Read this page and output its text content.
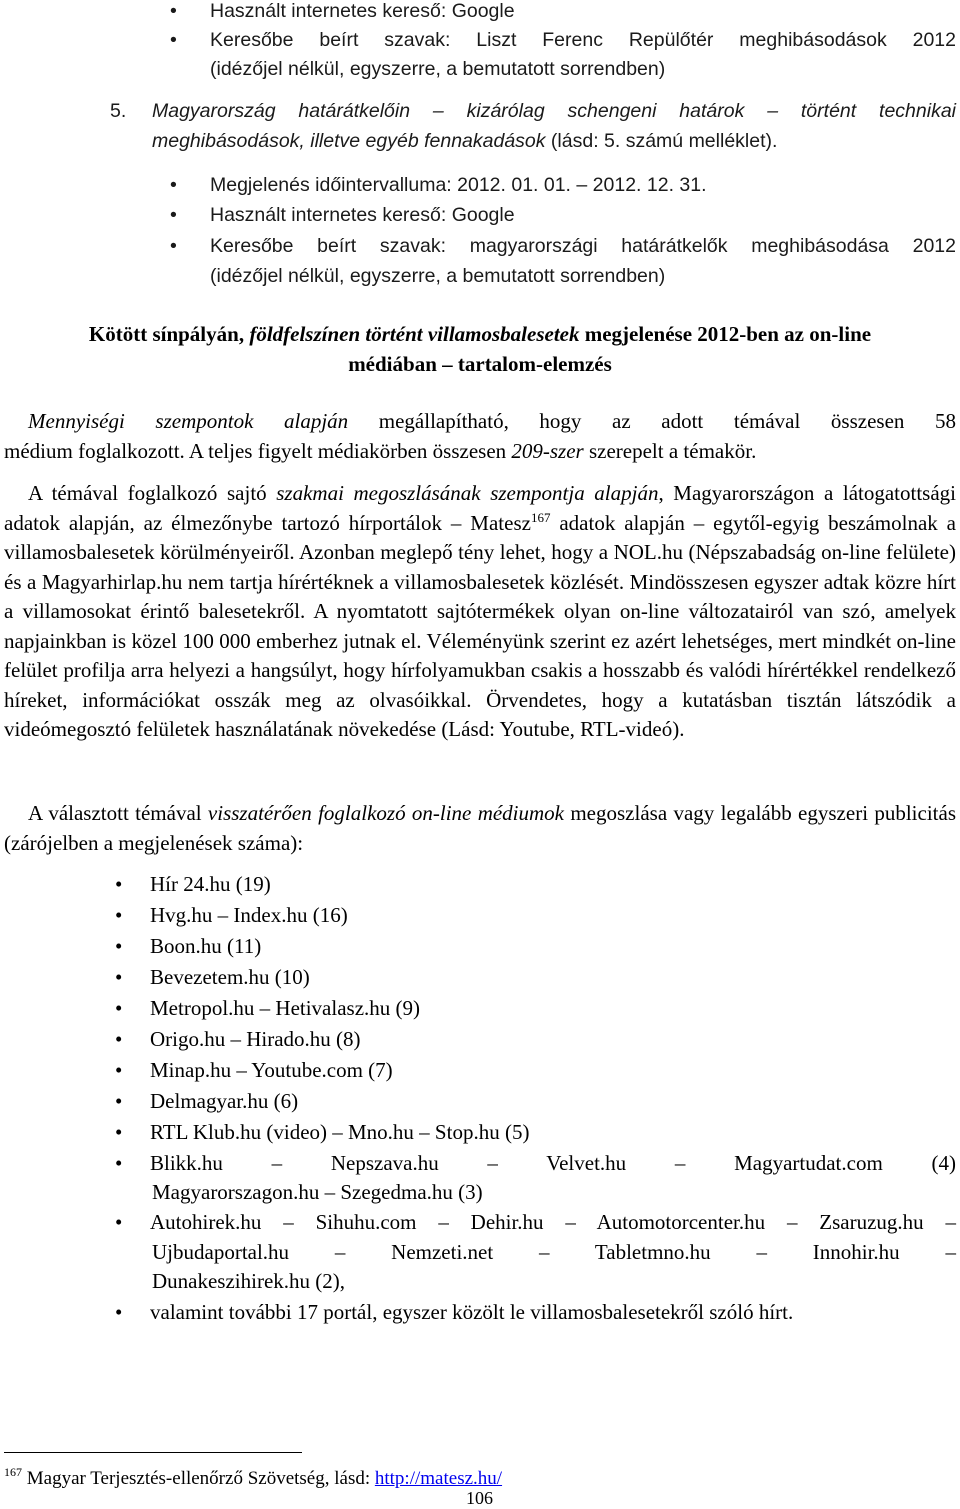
• Használt internetes kereső: Google
• Keresőbe beírt szavak: Liszt Ferenc Repülőtér meghibásodások 2012
(idézőjel nélkül, egyszerre, a bemutatott sorrendben)
5. Magyarország határátkelőin – kizárólag schengeni határok – történt technikai
meghibásodások, illetve egyéb fennakadások (lásd: 5. számú melléklet).
• Megjelenés időintervalluma: 2012. 01. 01. – 2012. 12. 31.
• Használt internetes kereső: Google
• Keresőbe beírt szavak: magyarországi határátkelők meghibásodása 2012
(idézőjel nélkül, egyszerre, a bemutatott sorrendben)
Kötött sínpályán, földfelszínen történt villamosbalesetek megjelenése 2012-ben az on-line
médiában – tartalom-elemzés

Mennyiségi szempontok alapján megállapítható, hogy az adott témával összesen 58

médium foglalkozott. A teljes figyelt médiakörben összesen 209-szer szerepelt a témakör.

A témával foglalkozó sajtó szakmai megoszlásának szempontja alapján, Magyarországon a látogatottsági adatok alapján, az élmezőnybe tartozó hírportálok – Matesz$^{167}$ adatok alapján – egytől-egyig beszámolnak a villamosbalesetek körülményeiről. Azonban meglepő tény lehet, hogy a NOL.hu (Népszabadság on-line felülete) és a Magyarhirlap.hu nem tartja hírértéknek a villamosbalesetek közlését. Mindösszesen egyszer adtak közre hírt a villamosokat érintő balesetekről. A nyomtatott sajtótermékek olyan on-line változatairól van szó, amelyek napjainkban is közel 100 000 emberhez jutnak el. Véleményünk szerint ez azért lehetséges, mert mindkét on-line felület profilja arra helyezi a hangsúlyt, hogy hírfolyamukban csakis a hosszabb és valódi hírértékkel rendelkező híreket, információkat osszák meg az olvasóikkal. Örvendetes, hogy a kutatásban tisztán látszódik a videómegosztó felületek használatának növekedése (Lásd: Youtube, RTL-videó).
A választott témával visszatérően foglalkozó on-line médiumok megoszlása vagy legalább egyszeri publicitás (zárójelben a megjelenések száma):
• Hír 24.hu (19)
• Hvg.hu – Index.hu (16)
• Boon.hu (11)
• Bevezetem.hu (10)
• Metropol.hu – Hetivalasz.hu (9)
• Origo.hu – Hirado.hu (8)
• Minap.hu – Youtube.com (7)
• Delmagyar.hu (6)
• RTL Klub.hu (video) – Mno.hu – Stop.hu (5)
• Blikk.hu – Nepszava.hu – Velvet.hu – Magyartudat.com (4)
Magyarorszagon.hu – Szegedma.hu (3)
• Autohirek.hu – Sihuhu.com – Dehir.hu – Automotorcenter.hu – Zsaruzug.hu –
Ujbudaportal.hu – Nemzeti.net – Tabletmno.hu – Innohir.hu –
Dunakeszihirek.hu (2),
• valamint további 17 portál, egyszer közölt le villamosbalesetekről szóló hírt.
$^{167}$ Magyar Terjesztés-ellenőrző Szövetség, lásd: http://matesz.hu/
106
